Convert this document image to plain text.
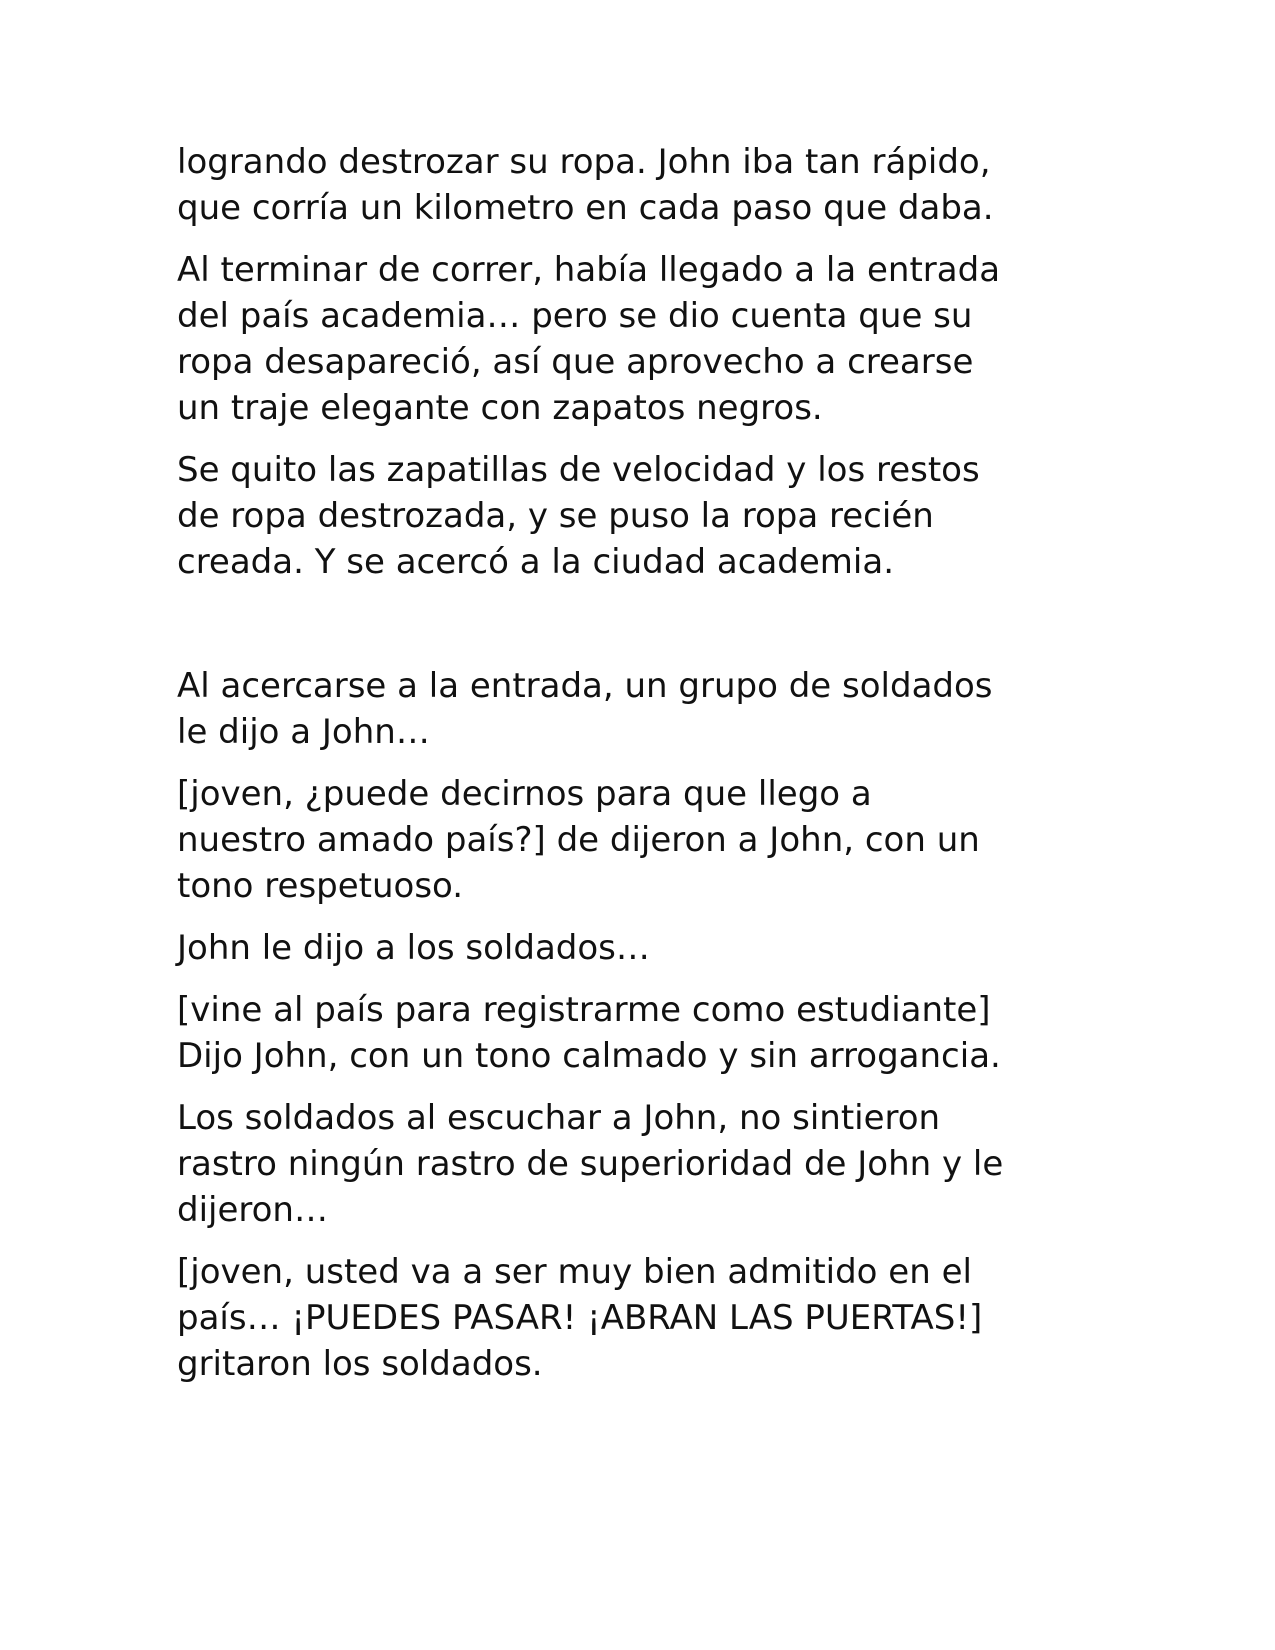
logrando destrozar su ropa. John iba tan rápido,
que corría un kilometro en cada paso que daba.

Al terminar de correr, había llegado a la entrada
del país academia… pero se dio cuenta que su
ropa desapareció, así que aprovecho a crearse
un traje elegante con zapatos negros.

Se quito las zapatillas de velocidad y los restos
de ropa destrozada, y se puso la ropa recién
creada. Y se acercó a la ciudad academia.

Al acercarse a la entrada, un grupo de soldados
le dijo a John…

[joven, ¿puede decirnos para que llego a
nuestro amado país?] de dijeron a John, con un
tono respetuoso.

John le dijo a los soldados…

[vine al país para registrarme como estudiante]
Dijo John, con un tono calmado y sin arrogancia.

Los soldados al escuchar a John, no sintieron
rastro ningún rastro de superioridad de John y le
dijeron…

[joven, usted va a ser muy bien admitido en el
país… ¡PUEDES PASAR! ¡ABRAN LAS PUERTAS!]
gritaron los soldados.
